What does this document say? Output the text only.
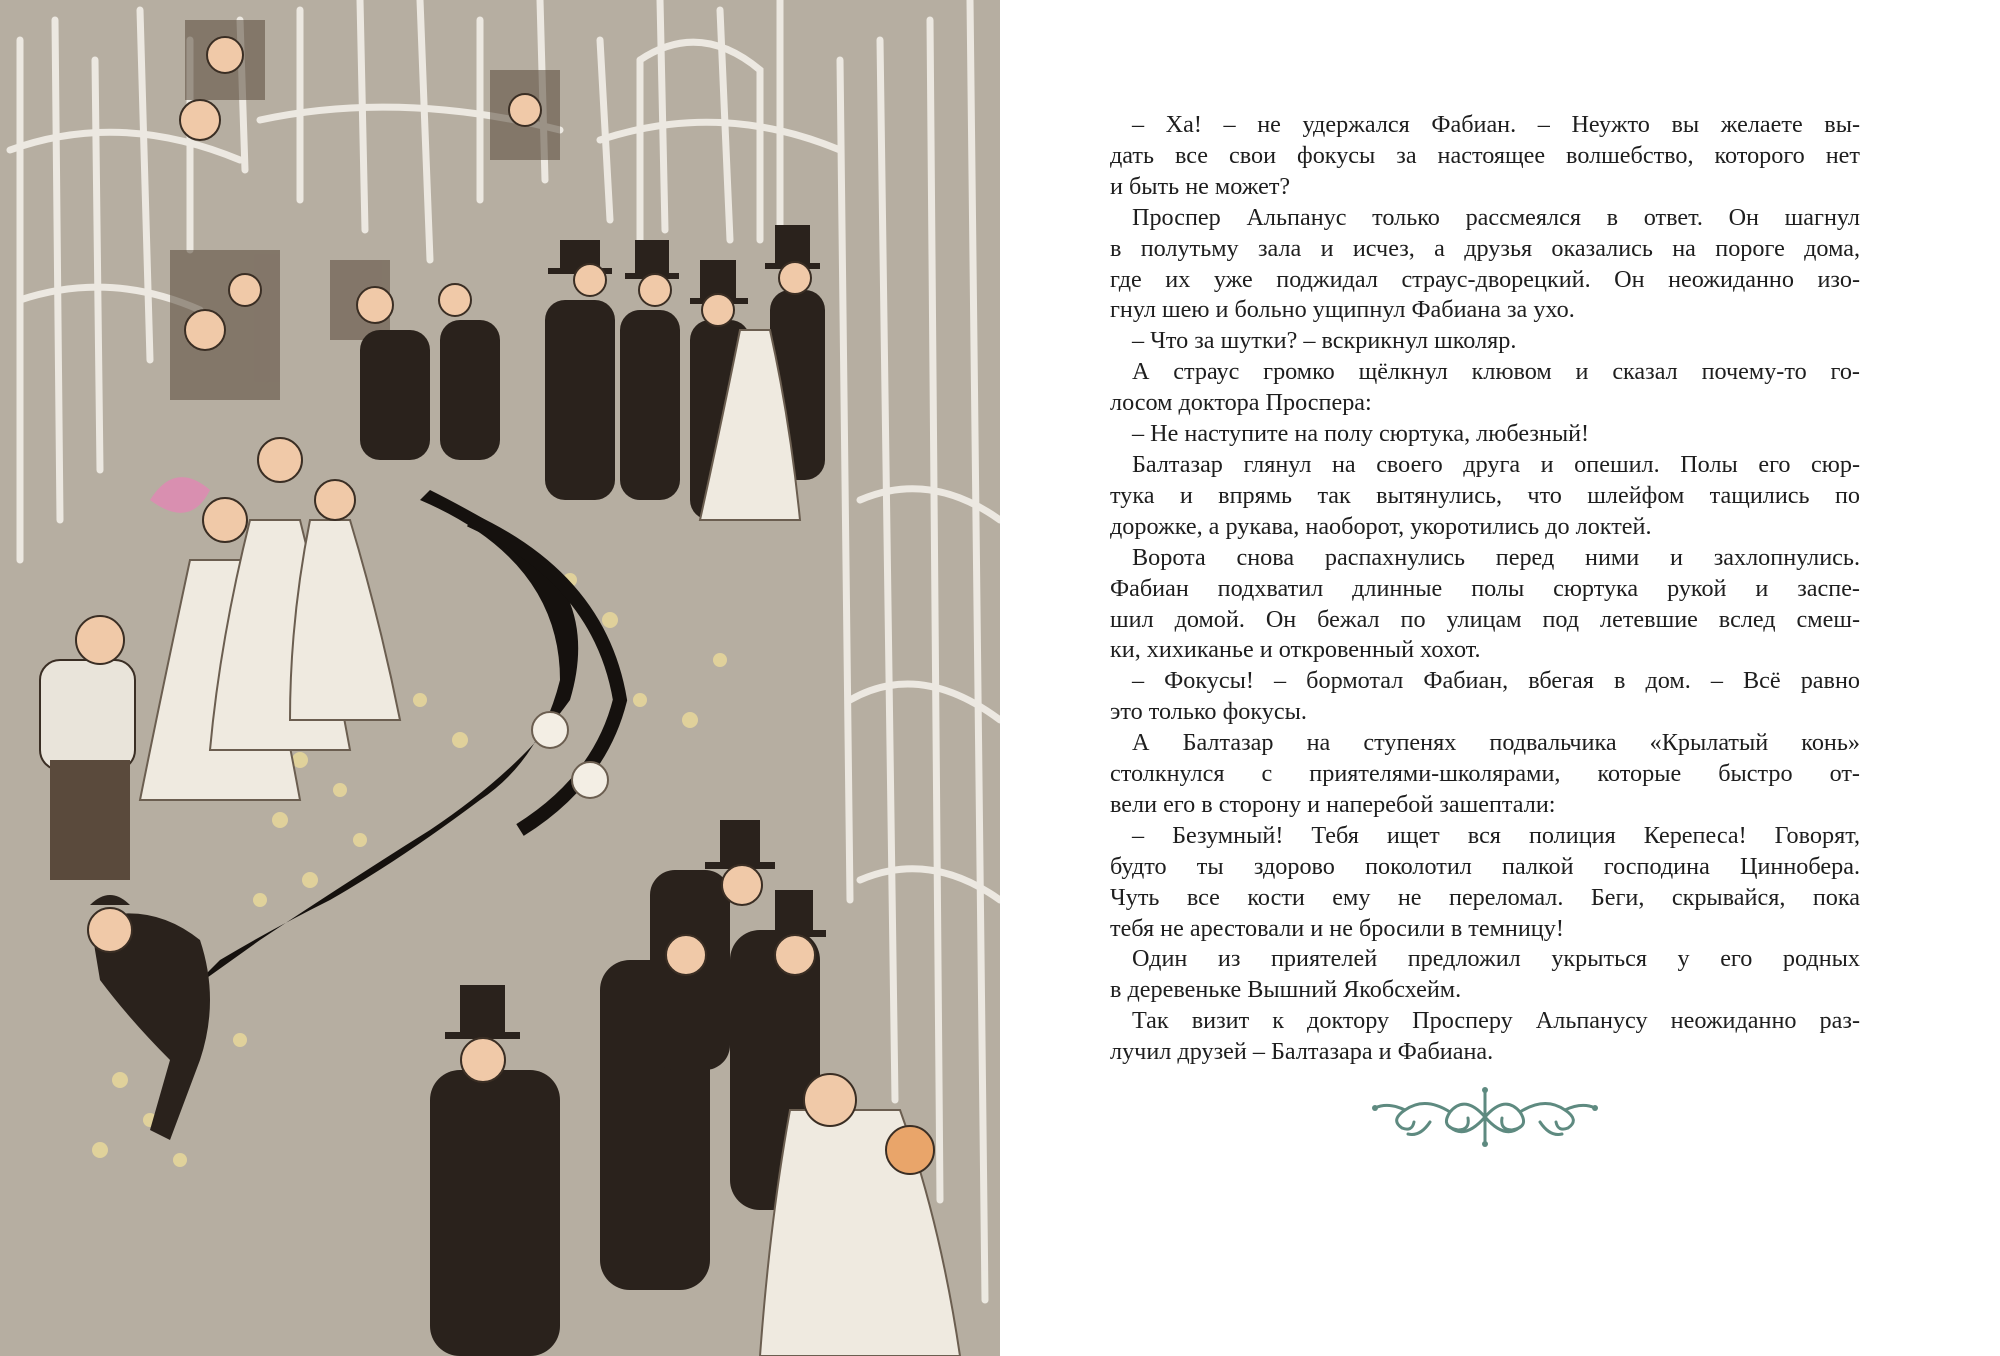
– Ха! – не удержался Фабиан. – Неужто вы желаете вы-
дать все свои фокусы за настоящее волшебство, которого нет
и быть не может?

Проспер Альпанус только рассмеялся в ответ. Он шагнул
в полутьму зала и исчез, а друзья оказались на пороге дома,
где их уже поджидал страус-дворецкий. Он неожиданно изо-
гнул шею и больно ущипнул Фабиана за ухо.

– Что за шутки? – вскрикнул школяр.

А страус громко щёлкнул клювом и сказал почему-то го-
лосом доктора Проспера:

– Не наступите на полу сюртука, любезный!

Балтазар глянул на своего друга и опешил. Полы его сюр-
тука и впрямь так вытянулись, что шлейфом тащились по
дорожке, а рукава, наоборот, укоротились до локтей.

Ворота снова распахнулись перед ними и захлопнулись.
Фабиан подхватил длинные полы сюртука рукой и заспе-
шил домой. Он бежал по улицам под летевшие вслед смеш-
ки, хихиканье и откровенный хохот.

– Фокусы! – бормотал Фабиан, вбегая в дом. – Всё равно
это только фокусы.

А Балтазар на ступенях подвальчика «Крылатый конь»
столкнулся с приятелями-школярами, которые быстро от-
вели его в сторону и наперебой зашептали:

– Безумный! Тебя ищет вся полиция Керепеса! Говорят,
будто ты здорово поколотил палкой господина Циннобера.
Чуть все кости ему не переломал. Беги, скрывайся, пока
тебя не арестовали и не бросили в темницу!

Один из приятелей предложил укрыться у его родных
в деревеньке Вышний Якобсхейм.

Так визит к доктору Просперу Альпанусу неожиданно раз-
лучил друзей – Балтазара и Фабиана.
